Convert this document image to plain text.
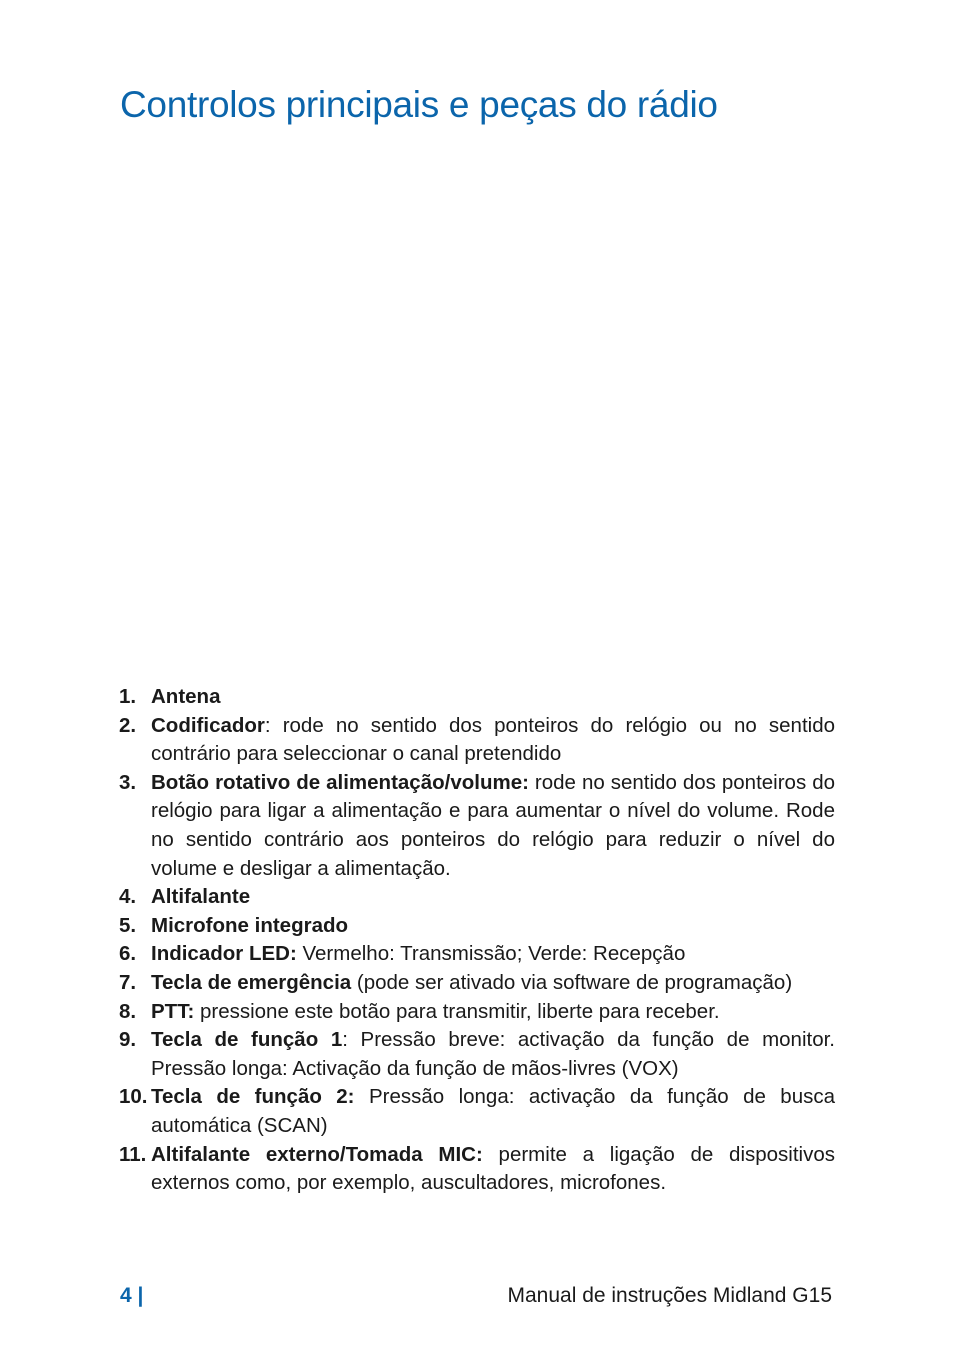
Controlos principais e peças do rádio
1. Antena
2. Codificador: rode no sentido dos ponteiros do relógio ou no sentido contrário para seleccionar o canal pretendido
3. Botão rotativo de alimentação/volume: rode no sentido dos ponteiros do relógio para ligar a alimentação e para aumentar o nível do volume. Rode no sentido contrário aos ponteiros do relógio para reduzir o nível do volume e desligar a alimentação.
4. Altifalante
5. Microfone integrado
6. Indicador LED: Vermelho: Transmissão; Verde: Recepção
7. Tecla de emergência (pode ser ativado via software de programação)
8. PTT: pressione este botão para transmitir, liberte para receber.
9. Tecla de função 1: Pressão breve: activação da função de monitor. Pressão longa: Activação da função de mãos-livres (VOX)
10. Tecla de função 2: Pressão longa: activação da função de busca automática (SCAN)
11. Altifalante externo/Tomada MIC: permite a ligação de dispositivos externos como, por exemplo, auscultadores, microfones.
4 |	Manual de instruções Midland G15
